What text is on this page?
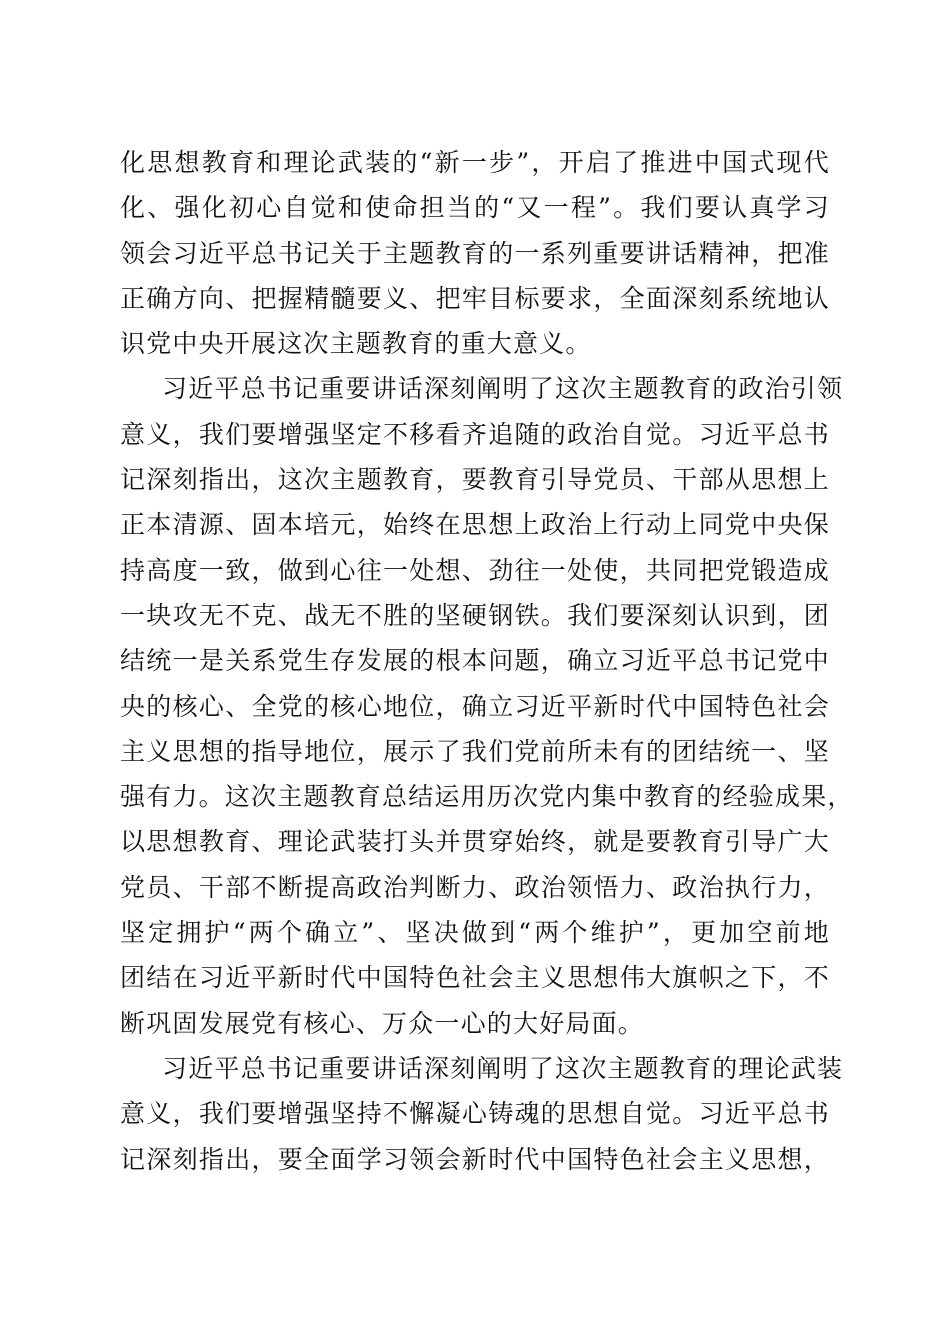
化思想教育和理论武装的“新一步”，开启了推进中国式现代
化、强化初心自觉和使命担当的“又一程”。我们要认真学习
领会习近平总书记关于主题教育的一系列重要讲话精神，把准
正确方向、把握精髓要义、把牢目标要求，全面深刻系统地认
识党中央开展这次主题教育的重大意义。
习近平总书记重要讲话深刻阐明了这次主题教育的政治引领
意义，我们要增强坚定不移看齐追随的政治自觉。习近平总书
记深刻指出，这次主题教育，要教育引导党员、干部从思想上
正本清源、固本培元，始终在思想上政治上行动上同党中央保
持高度一致，做到心往一处想、劲往一处使，共同把党锻造成
一块攻无不克、战无不胜的坚硬钢铁。我们要深刻认识到，团
结统一是关系党生存发展的根本问题，确立习近平总书记党中
央的核心、全党的核心地位，确立习近平新时代中国特色社会
主义思想的指导地位，展示了我们党前所未有的团结统一、坚
强有力。这次主题教育总结运用历次党内集中教育的经验成果，
以思想教育、理论武装打头并贯穿始终，就是要教育引导广大
党员、干部不断提高政治判断力、政治领悟力、政治执行力，
坚定拥护“两个确立”、坚决做到“两个维护”，更加空前地
团结在习近平新时代中国特色社会主义思想伟大旗帜之下，不
断巩固发展党有核心、万众一心的大好局面。
习近平总书记重要讲话深刻阐明了这次主题教育的理论武装
意义，我们要增强坚持不懈凝心铸魂的思想自觉。习近平总书
记深刻指出，要全面学习领会新时代中国特色社会主义思想，
